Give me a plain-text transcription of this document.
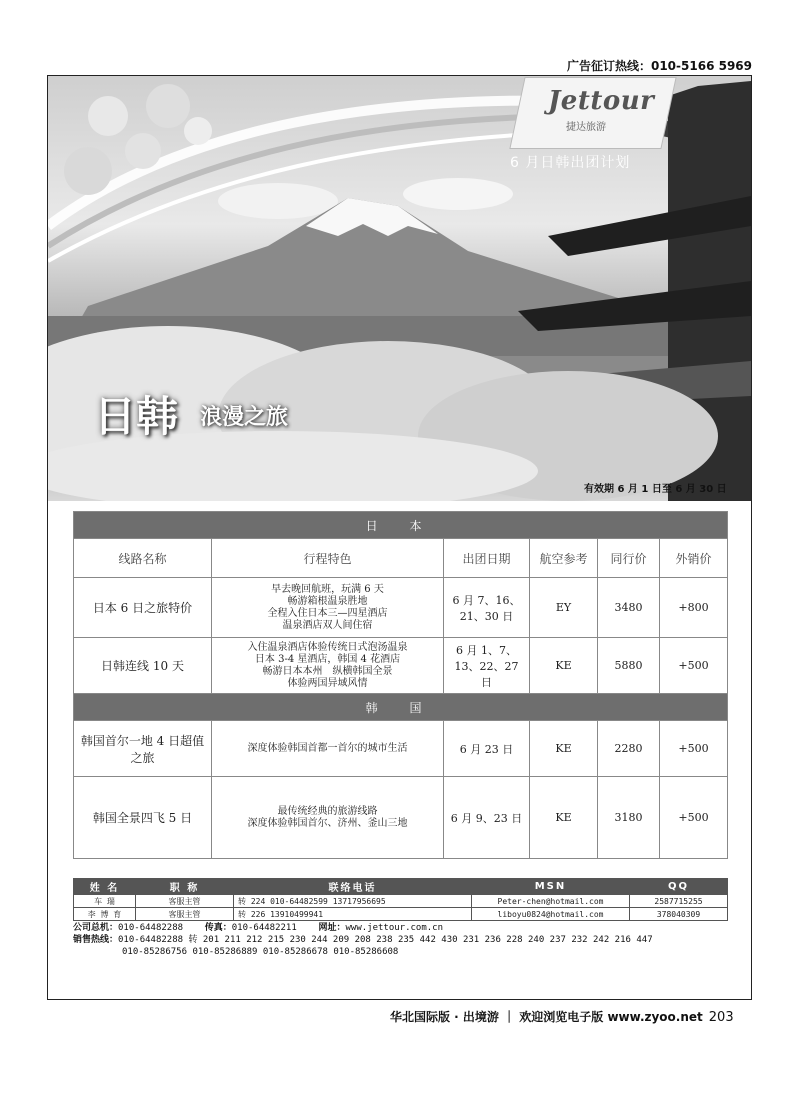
广告征订热线：010-5166 5969
Jettour
捷达旅游
6 月日韩出团计划
日韩 浪漫之旅
有效期 6 月 1 日至 6 月 30 日
日 本					
线路名称	行程特色	出团日期	航空参考	同行价	外销价
日本 6 日之旅特价	早去晚回航班，玩满 6 天
畅游箱根温泉胜地
全程入住日本三—四星酒店
温泉酒店双人间住宿	6 月 7、16、21、30 日	EY	3480	+800
日韩连线 10 天	入住温泉酒店体验传统日式泡汤温泉
日本 3-4 星酒店，韩国 4 花酒店
畅游日本本州　纵横韩国全景
体验两国异域风情	6 月 1、7、13、22、27 日	KE	5880	+500
韩 国					
韩国首尔一地 4 日超值之旅	深度体验韩国首都一首尔的城市生活	6 月 23 日	KE	2280	+500
韩国全景四飞 5 日	最传统经典的旅游线路
深度体验韩国首尔、济州、釜山三地	6 月 9、23 日	KE	3180	+500
姓 名	职 称	联络电话	MSN	QQ
车 瑞	客服主管	转 224 010-64482599 13717956695	Peter-chen@hotmail.com	2587715255
李 博 育	客服主管	转 226 13910499941	liboyu0824@hotmail.com	378040309
公司总机：010-64482288 传真：010-64482211 网址：www.jettour.com.cn
销售热线：010-64482288 转 201 211 212 215 230 244 209 208 238 235 442 430 231 236 228 240 237 232 242 216 447
010-85286756 010-85286889 010-85286678 010-85286608
华北国际版 · 出境游 ｜ 欢迎浏览电子版 www.zyoo.net 203
